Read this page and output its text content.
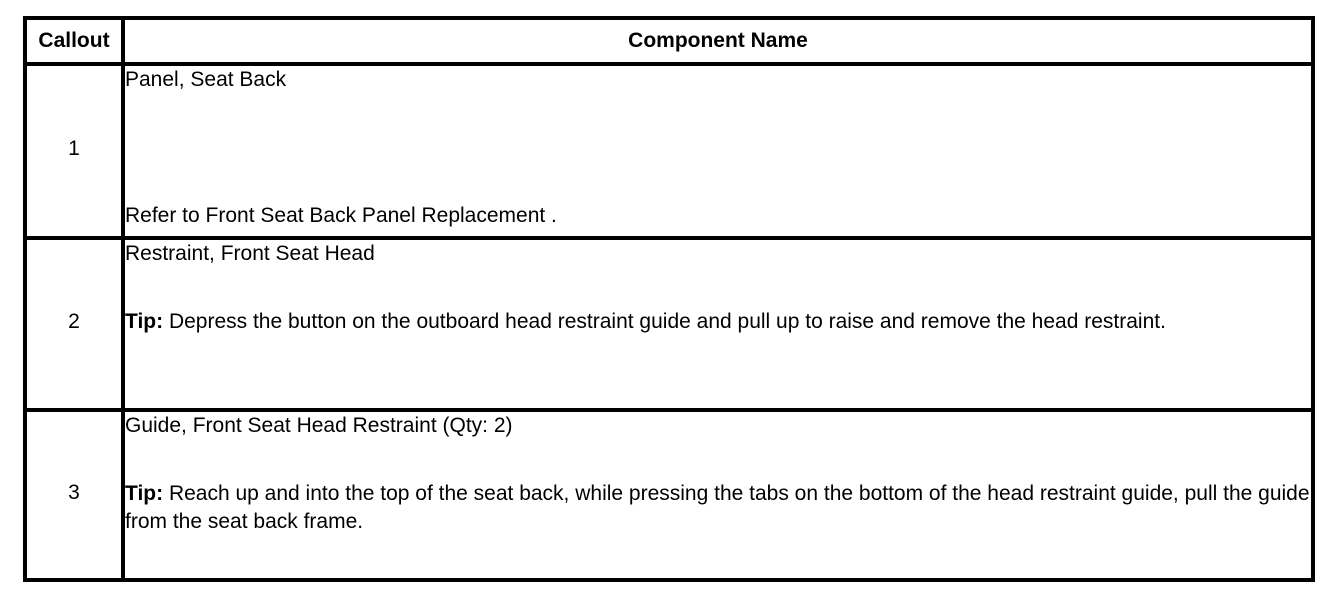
Callout	Component Name
1	Panel, Seat Back
Refer to Front Seat Back Panel Replacement .

2	Restraint, Front Seat Head
Tip: Depress the button on the outboard head restraint guide and pull up to raise and remove the head restraint.

3	Guide, Front Seat Head Restraint (Qty: 2)
Tip: Reach up and into the top of the seat back, while pressing the tabs on the bottom of the head restraint guide, pull the guide from the seat back frame.
